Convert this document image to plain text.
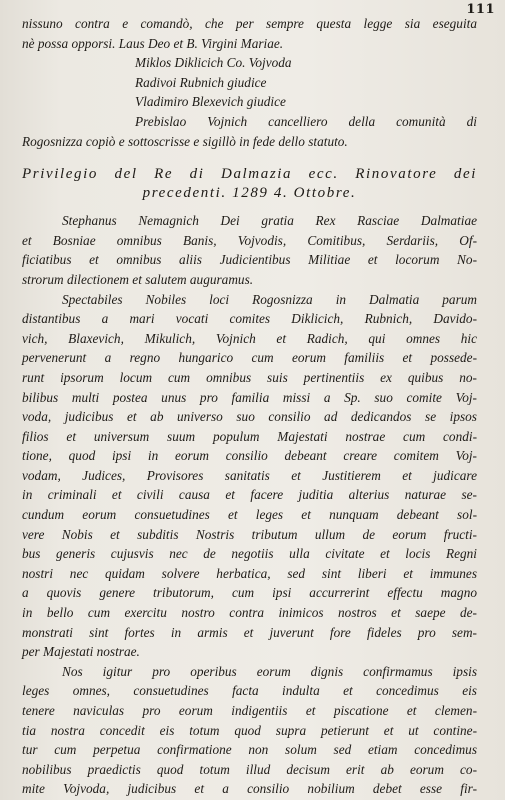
111
nissuno contra e comandò, che per sempre questa legge sia eseguita
nè possa opporsi. Laus Deo et B. Virgini Mariae.
Miklos Diklicich Co. Vojvoda
Radivoi Rubnich giudice
Vladimiro Blexevich giudice
Prebislao Vojnich cancelliero della comunità di
Rogosnizza copiò e sottoscrisse e sigillò in fede dello statuto.
Privilegio del Re di Dalmazia ecc. Rinovatore dei
precedenti. 1289 4. Ottobre.
Stephanus Nemagnich Dei gratia Rex Rasciae Dalmatiae
et Bosniae omnibus Banis, Vojvodis, Comitibus, Serdariis, Of-
ficiatibus et omnibus aliis Judicientibus Militiae et locorum No-
strorum dilectionem et salutem auguramus.
Spectabiles Nobiles loci Rogosnizza in Dalmatia parum
distantibus a mari vocati comites Diklicich, Rubnich, Davido-
vich, Blaxevich, Mikulich, Vojnich et Radich, qui omnes hic
pervenerunt a regno hungarico cum eorum familiis et possede-
runt ipsorum locum cum omnibus suis pertinentiis ex quibus no-
bilibus multi postea unus pro familia missi a Sp. suo comite Voj-
voda, judicibus et ab universo suo consilio ad dedicandos se ipsos
filios et universum suum populum Majestati nostrae cum condi-
tione, quod ipsi in eorum consilio debeant creare comitem Voj-
vodam, Judices, Provisores sanitatis et Justitierem et judicare
in criminali et civili causa et facere juditia alterius naturae se-
cundum eorum consuetudines et leges et nunquam debeant sol-
vere Nobis et subditis Nostris tributum ullum de eorum fructi-
bus generis cujusvis nec de negotiis ulla civitate et locis Regni
nostri nec quidam solvere herbatica, sed sint liberi et immunes
a quovis genere tributorum, cum ipsi accurrerint effectu magno
in bello cum exercitu nostro contra inimicos nostros et saepe de-
monstrati sint fortes in armis et juverunt fore fideles pro sem-
per Majestati nostrae.
Nos igitur pro operibus eorum dignis confirmamus ipsis
leges omnes, consuetudines facta indulta et concedimus eis
tenere naviculas pro eorum indigentiis et piscatione et clemen-
tia nostra concedit eis totum quod supra petierunt et ut contine-
tur cum perpetua confirmatione non solum sed etiam concedimus
nobilibus praedictis quod totum illud decisum erit ab eorum co-
mite Vojvoda, judicibus et a consilio nobilium debet esse fir-
